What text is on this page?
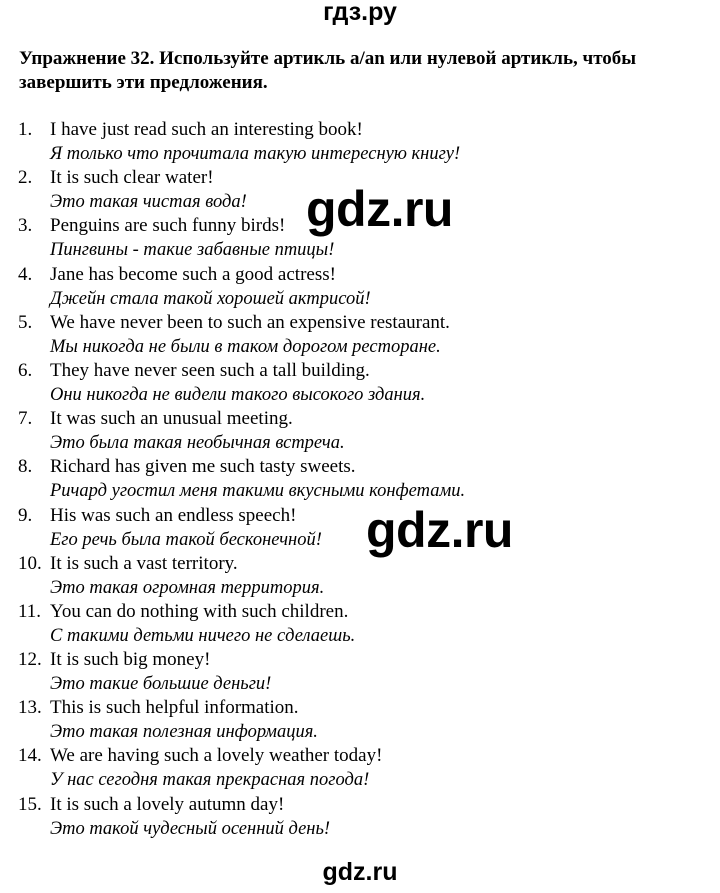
гдз.ру
Упражнение 32. Используйте артикль a/an или нулевой артикль, чтобы завершить эти предложения.
1. I have just read such an interesting book!
Я только что прочитала такую интересную книгу!
2. It is such clear water!
Это такая чистая вода!
3. Penguins are such funny birds!
Пингвины - такие забавные птицы!
4. Jane has become such a good actress!
Джейн стала такой хорошей актрисой!
5. We have never been to such an expensive restaurant.
Мы никогда не были в таком дорогом ресторане.
6. They have never seen such a tall building.
Они никогда не видели такого высокого здания.
7. It was such an unusual meeting.
Это была такая необычная встреча.
8. Richard has given me such tasty sweets.
Ричард угостил меня такими вкусными конфетами.
9. His was such an endless speech!
Его речь была такой бесконечной!
10. It is such a vast territory.
Это такая огромная территория.
11. You can do nothing with such children.
С такими детьми ничего не сделаешь.
12. It is such big money!
Это такие большие деньги!
13. This is such helpful information.
Это такая полезная информация.
14. We are having such a lovely weather today!
У нас сегодня такая прекрасная погода!
15. It is such a lovely autumn day!
Это такой чудесный осенний день!
gdz.ru
gdz.ru
gdz.ru
